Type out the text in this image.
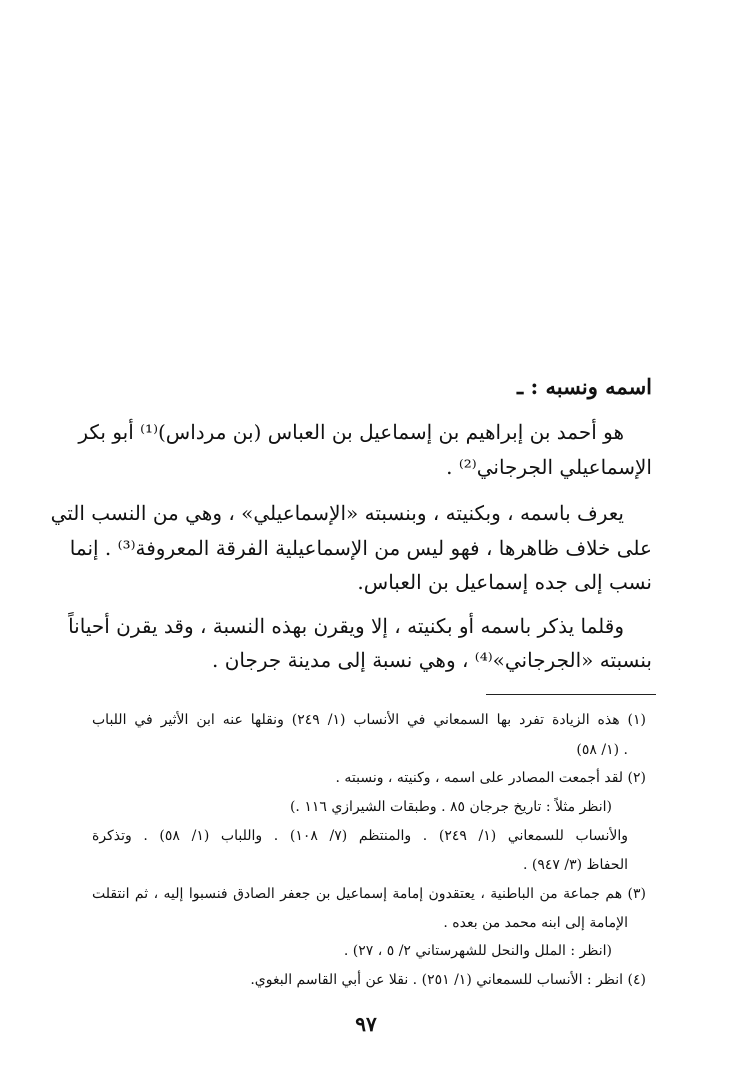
اسمه ونسبه : ـ
هو أحمد بن إبراهيم بن إسماعيل بن العباس (بن مرداس)⁽¹⁾ أبو بكر
الإسماعيلي الجرجاني⁽²⁾ .
يعرف باسمه ، وبكنيته ، وبنسبته «الإسماعيلي» ، وهي من النسب التي
على خلاف ظاهرها ، فهو ليس من الإسماعيلية الفرقة المعروفة⁽³⁾ . إنما
نسب إلى جده إسماعيل بن العباس.
وقلما يذكر باسمه أو بكنيته ، إلا ويقرن بهذه النسبة ، وقد يقرن أحياناً
بنسبته «الجرجاني»⁽⁴⁾ ، وهي نسبة إلى مدينة جرجان .
(١) هذه الزيادة تفرد بها السمعاني في الأنساب (١/ ٢٤٩) ونقلها عنه ابن الأثير في اللباب
(١/ ٥٨) .
(٢) لقد أجمعت المصادر على اسمه ، وكنيته ، ونسبته .
(انظر مثلاً : تاريخ جرجان ٨٥ . وطبقات الشيرازي ١١٦ .)
والأنساب للسمعاني (١/ ٢٤٩) . والمنتظم (٧/ ١٠٨) . واللباب (١/ ٥٨) . وتذكرة
الحفاظ (٣/ ٩٤٧) .
(٣) هم جماعة من الباطنية ، يعتقدون إمامة إسماعيل بن جعفر الصادق فنسبوا إليه ، ثم انتقلت
الإمامة إلى ابنه محمد من بعده .
(انظر : الملل والنحل للشهرستاني ٢/ ٥ ، ٢٧) .
(٤) انظر : الأنساب للسمعاني (١/ ٢٥١) . نقلا عن أبي القاسم البغوي.
٩٧
